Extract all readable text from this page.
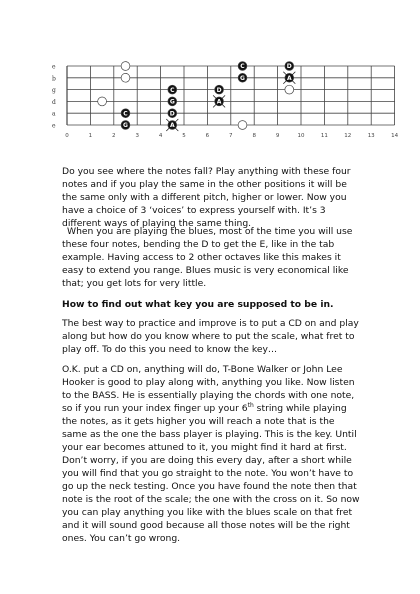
e
b
g
d
a
e
0	1	2	3	4	5	6	7	8	9	10	11	12	13	14
C	D
G	A
C	D
G	A
C	D
G	A

Do you see where the notes fall? Play anything with these four notes and if you play the same in the other positions it will be the same only with a different pitch, higher or lower. Now you have a choice of 3 ‘voices’ to express yourself with. It’s 3 different ways of playing the same thing.

When you are playing the blues, most of the time you will use these four notes, bending the D to get the E, like in the tab example. Having access to 2 other octaves like this makes it easy to extend you range. Blues music is very economical like that; you get lots for very little.

How to find out what key you are supposed to be in.

The best way to practice and improve is to put a CD on and play along but how do you know where to put the scale, what fret to play off. To do this you need to know the key…

O.K. put a CD on, anything will do, T-Bone Walker or John Lee Hooker is good to play along with, anything you like. Now listen to the BASS. He is essentially playing the chords with one note, so if you run your index finger up your 6th string while playing the notes, as it gets higher you will reach a note that is the same as the one the bass player is playing. This is the key. Until your ear becomes attuned to it, you might find it hard at first. Don’t worry, if you are doing this every day, after a short while you will find that you go straight to the note. You won’t have to go up the neck testing. Once you have found the note then that note is the root of the scale; the one with the cross on it. So now you can play anything you like with the blues scale on that fret and it will sound good because all those notes will be the right ones. You can’t go wrong.
